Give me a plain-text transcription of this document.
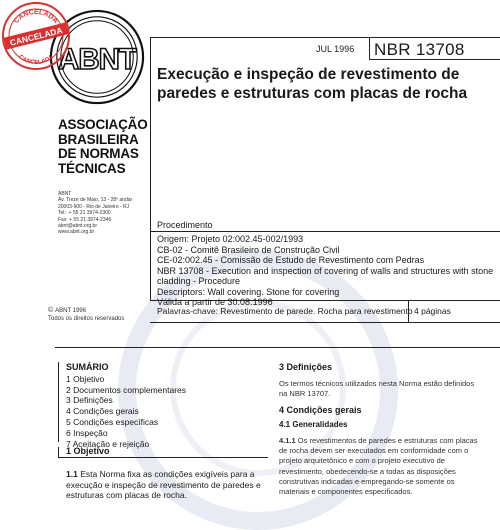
ABNT
CANCELADA
CANCELADA
CANCELADA
ASSOCIAÇÃO
BRASILEIRA
DE NORMAS
TÉCNICAS
ABNT
Av. Treze de Maio, 13 - 28º andar
20003-900 - Rio de Janeiro - RJ
Tel.: + 55 21 3974-2300
Fax: + 55 21 3974-2346
abnt@abnt.org.br
www.abnt.org.br
© ABNT 1996
Todos os direitos reservados
JUL 1996 NBR 13708
Execução e inspeção de revestimento de paredes e estruturas com placas de rocha
Procedimento
Origem: Projeto 02:002.45-002/1993
CB-02 - Comitê Brasileiro de Construção Civil
CE-02:002.45 - Comissão de Estudo de Revestimento com Pedras
NBR 13708 - Execution and inspection of covering of walls and structures with stone cladding - Procedure
Descriptors: Wall covering. Stone for covering
Válida a partir de 30.08.1996
Palavras-chave: Revestimento de parede. Rocha para revestimento 4 páginas
SUMÁRIO
1 Objetivo
2 Documentos complementares
3 Definições
4 Condições gerais
5 Condições específicas
6 Inspeção
7 Aceitação e rejeição
1 Objetivo
1.1 Esta Norma fixa as condições exigíveis para a execução e inspeção de revestimento de paredes e estruturas com placas de rocha.
3 Definições
Os termos técnicos utilizados nesta Norma estão definidos na NBR 13707.
4 Condições gerais
4.1 Generalidades
4.1.1 Os revestimentos de paredes e estruturas com placas de rocha devem ser executados em conformidade com o projeto arquitetônico e com o projeto executivo de revestimento, obedecendo-se a todas as disposições construtivas indicadas e empregando-se somente os materiais e componentes especificados.
